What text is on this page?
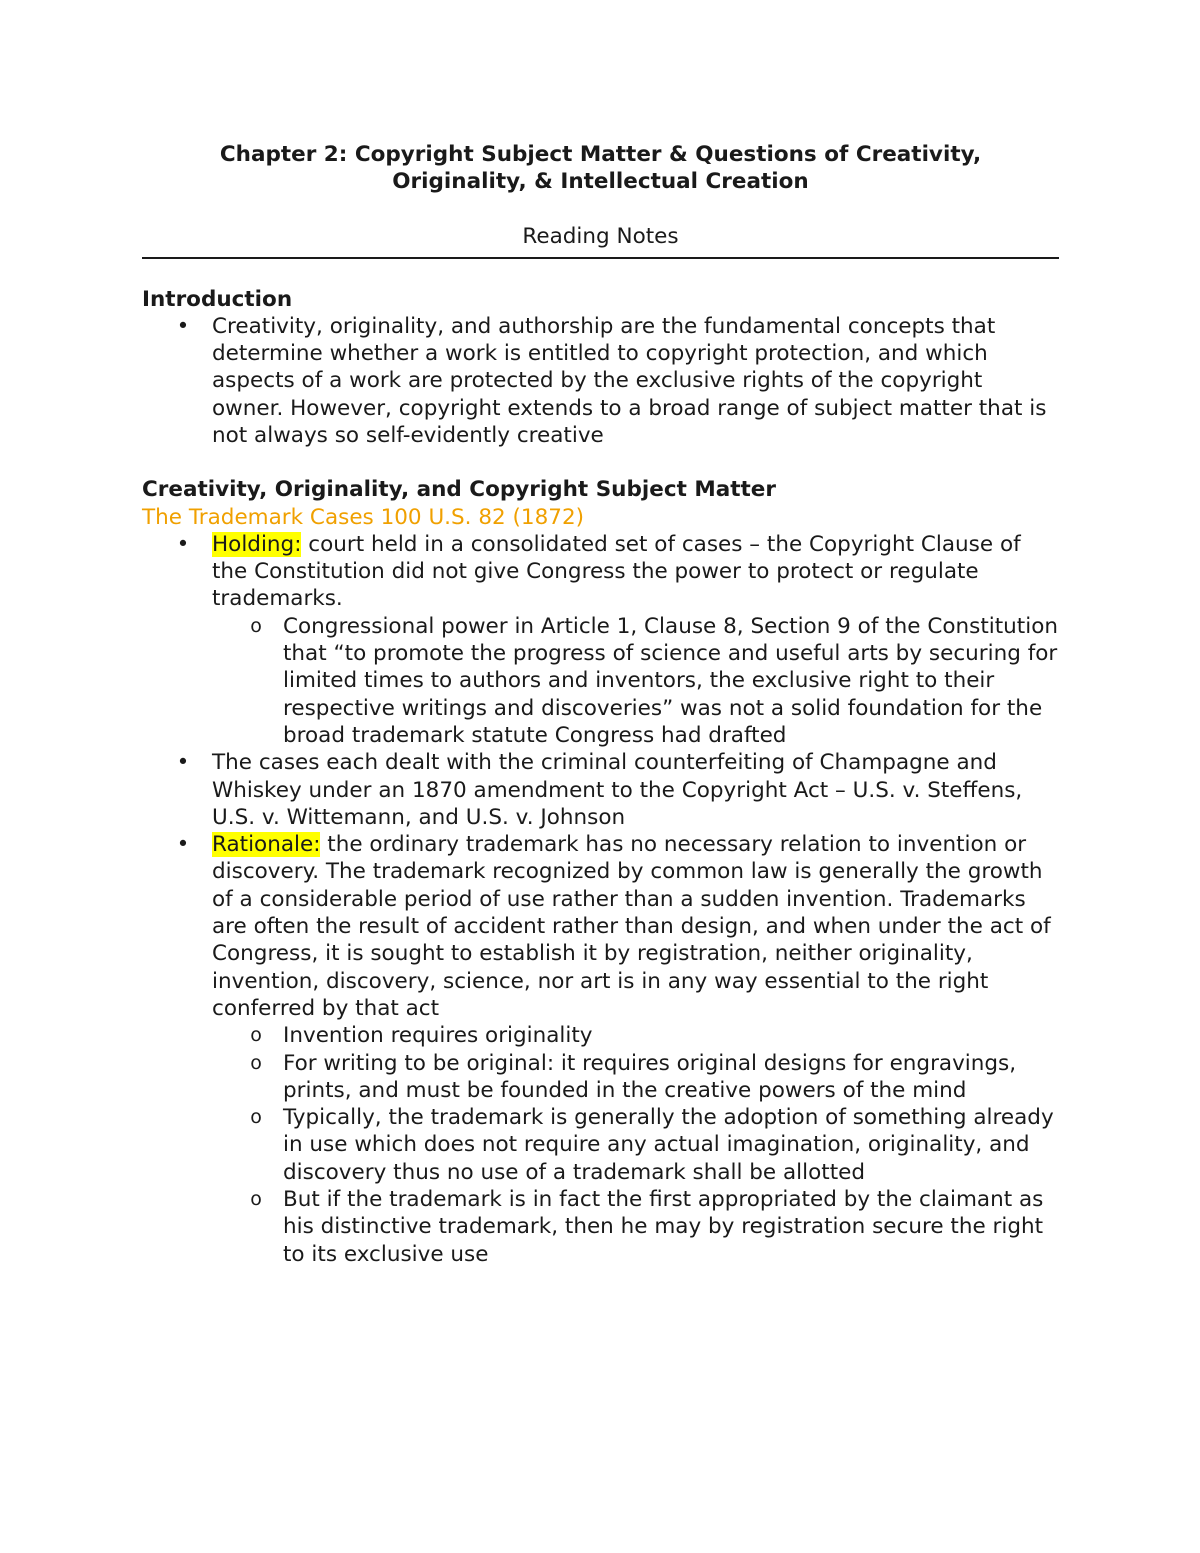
Chapter 2: Copyright Subject Matter & Questions of Creativity,
Originality, & Intellectual Creation

Reading Notes

Introduction

• Creativity, originality, and authorship are the fundamental concepts that determine whether a work is entitled to copyright protection, and which aspects of a work are protected by the exclusive rights of the copyright owner. However, copyright extends to a broad range of subject matter that is not always so self-evidently creative

Creativity, Originality, and Copyright Subject Matter

The Trademark Cases 100 U.S. 82 (1872)
• Holding: court held in a consolidated set of cases – the Copyright Clause of the Constitution did not give Congress the power to protect or regulate trademarks.
o Congressional power in Article 1, Clause 8, Section 9 of the Constitution that “to promote the progress of science and useful arts by securing for limited times to authors and inventors, the exclusive right to their respective writings and discoveries” was not a solid foundation for the broad trademark statute Congress had drafted
• The cases each dealt with the criminal counterfeiting of Champagne and Whiskey under an 1870 amendment to the Copyright Act – U.S. v. Steffens, U.S. v. Wittemann, and U.S. v. Johnson
• Rationale: the ordinary trademark has no necessary relation to invention or discovery. The trademark recognized by common law is generally the growth of a considerable period of use rather than a sudden invention. Trademarks are often the result of accident rather than design, and when under the act of Congress, it is sought to establish it by registration, neither originality, invention, discovery, science, nor art is in any way essential to the right conferred by that act
o Invention requires originality
o For writing to be original: it requires original designs for engravings, prints, and must be founded in the creative powers of the mind
o Typically, the trademark is generally the adoption of something already in use which does not require any actual imagination, originality, and discovery thus no use of a trademark shall be allotted
o But if the trademark is in fact the first appropriated by the claimant as his distinctive trademark, then he may by registration secure the right to its exclusive use
